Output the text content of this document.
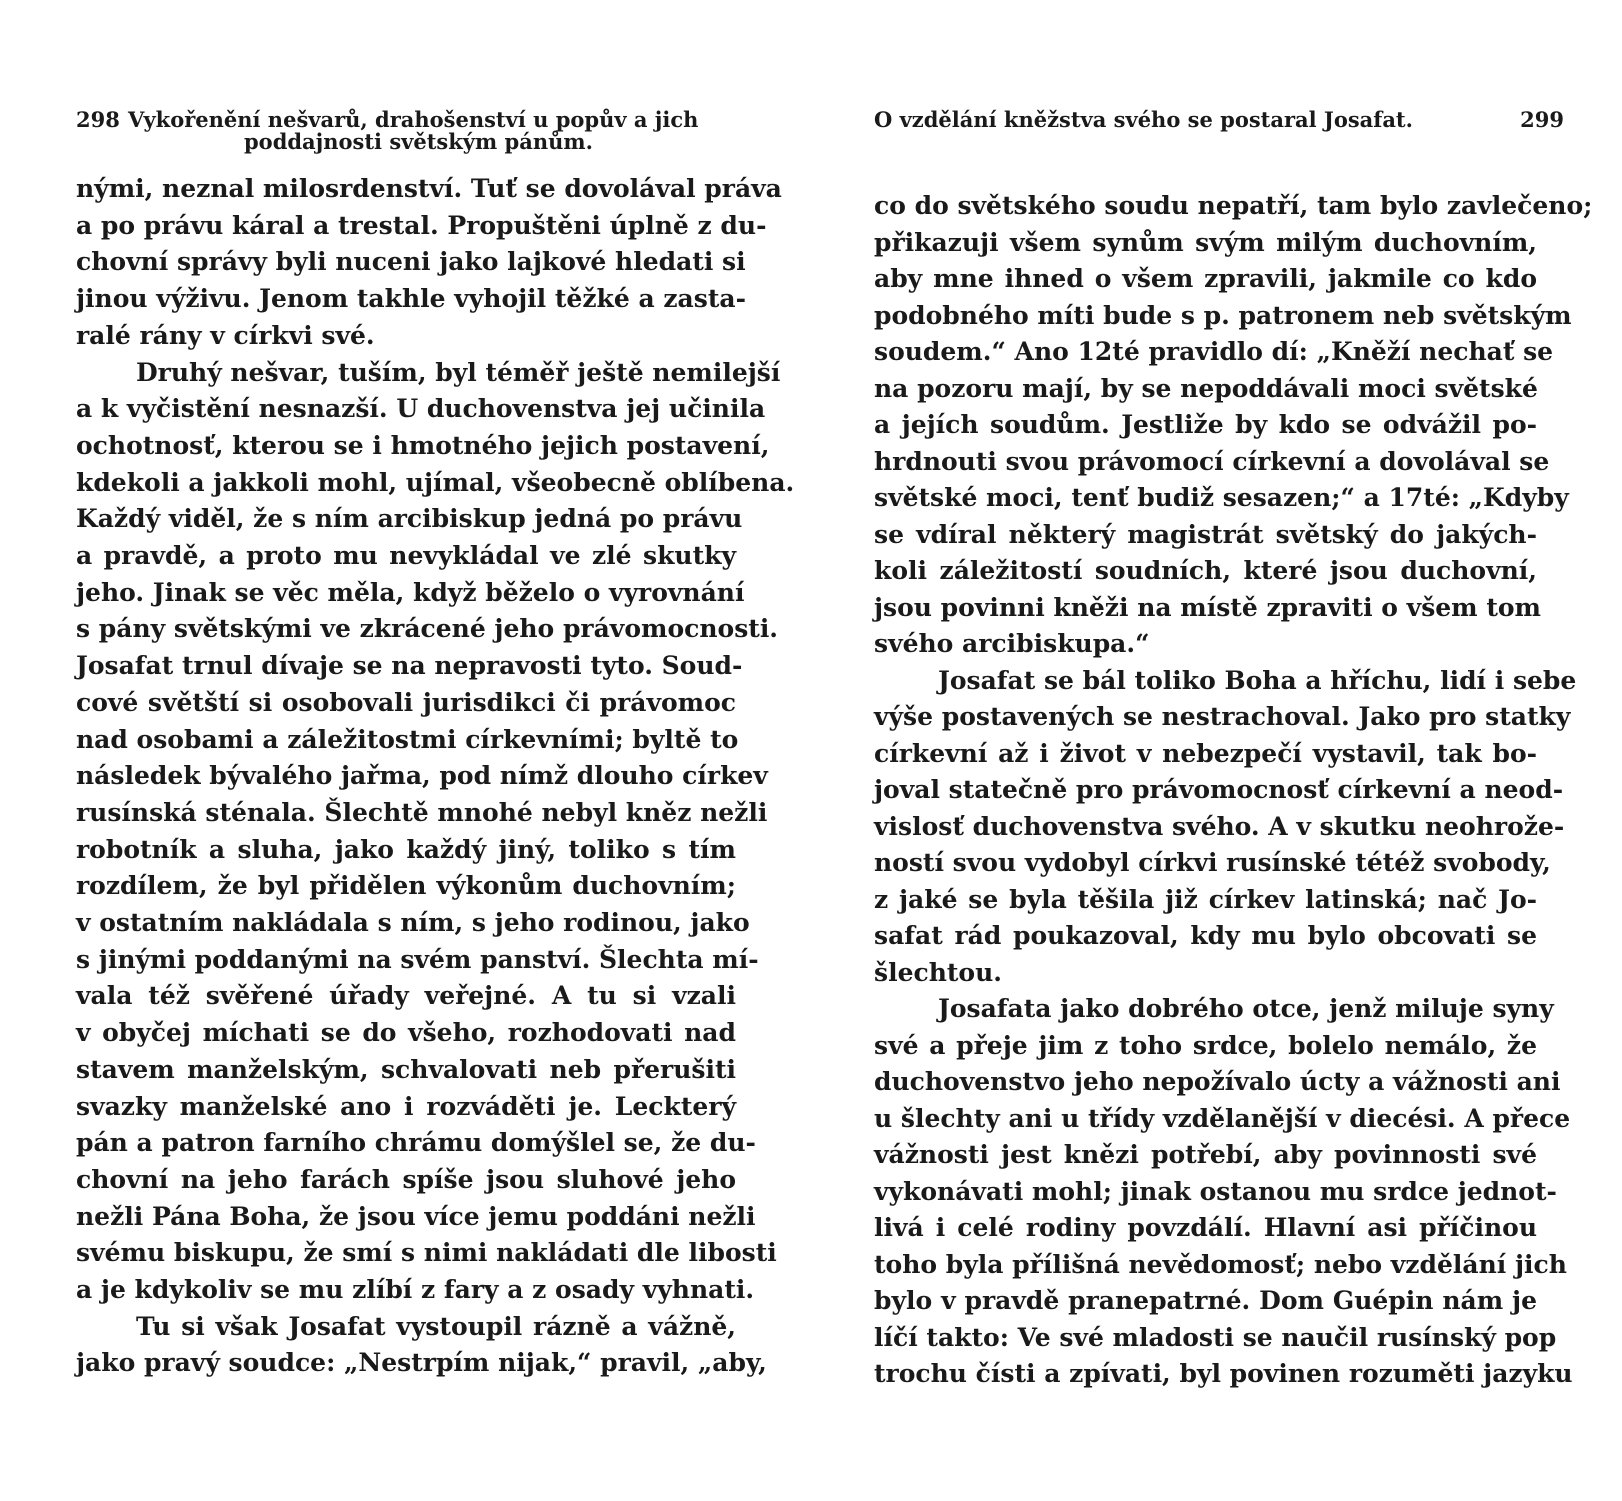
298 Vykořenění nešvarů, drahošenství u popův a jich
poddajnosti světským pánům.
nými, neznal milosrdenství. Tuť se dovolával práva
a po právu káral a trestal. Propuštěni úplně z du-
chovní správy byli nuceni jako lajkové hledati si
jinou výživu. Jenom takhle vyhojil těžké a zasta-
ralé rány v církvi své.
Druhý nešvar, tuším, byl téměř ještě nemilejší
a k vyčistění nesnazší. U duchovenstva jej učinila
ochotnosť, kterou se i hmotného jejich postavení,
kdekoli a jakkoli mohl, ujímal, všeobecně oblíbena.
Každý viděl, že s ním arcibiskup jedná po právu
a pravdě, a proto mu nevykládal ve zlé skutky
jeho. Jinak se věc měla, když běželo o vyrovnání
s pány světskými ve zkrácené jeho právomocnosti.
Josafat trnul dívaje se na nepravosti tyto. Soud-
cové světští si osobovali jurisdikci či právomoc
nad osobami a záležitostmi církevními; byltě to
následek bývalého jařma, pod nímž dlouho církev
rusínská sténala. Šlechtě mnohé nebyl kněz nežli
robotník a sluha, jako každý jiný, toliko s tím
rozdílem, že byl přidělen výkonům duchovním;
v ostatním nakládala s ním, s jeho rodinou, jako
s jinými poddanými na svém panství. Šlechta mí-
vala též svěřené úřady veřejné. A tu si vzali
v obyčej míchati se do všeho, rozhodovati nad
stavem manželským, schvalovati neb přerušiti
svazky manželské ano i rozváděti je. Leckterý
pán a patron farního chrámu domýšlel se, že du-
chovní na jeho farách spíše jsou sluhové jeho
nežli Pána Boha, že jsou více jemu poddáni nežli
svému biskupu, že smí s nimi nakládati dle libosti
a je kdykoliv se mu zlíbí z fary a z osady vyhnati.
Tu si však Josafat vystoupil rázně a vážně,
jako pravý soudce: „Nestrpím nijak,“ pravil, „aby,
O vzdělání kněžstva svého se postaral Josafat.	299
co do světského soudu nepatří, tam bylo zavlečeno;
přikazuji všem synům svým milým duchovním,
aby mne ihned o všem zpravili, jakmile co kdo
podobného míti bude s p. patronem neb světským
soudem.“ Ano 12té pravidlo dí: „Kněží nechať se
na pozoru mají, by se nepoddávali moci světské
a jejích soudům. Jestliže by kdo se odvážil po-
hrdnouti svou právomocí církevní a dovolával se
světské moci, tenť budiž sesazen;“ a 17té: „Kdyby
se vdíral některý magistrát světský do jakých-
koli záležitostí soudních, které jsou duchovní,
jsou povinni kněži na místě zpraviti o všem tom
svého arcibiskupa.“
Josafat se bál toliko Boha a hříchu, lidí i sebe
výše postavených se nestrachoval. Jako pro statky
církevní až i život v nebezpečí vystavil, tak bo-
joval statečně pro právomocnosť církevní a neod-
vislosť duchovenstva svého. A v skutku neohrože-
ností svou vydobyl církvi rusínské tétéž svobody,
z jaké se byla těšila již církev latinská; nač Jo-
safat rád poukazoval, kdy mu bylo obcovati se
šlechtou.
Josafata jako dobrého otce, jenž miluje syny
své a přeje jim z toho srdce, bolelo nemálo, že
duchovenstvo jeho nepožívalo úcty a vážnosti ani
u šlechty ani u třídy vzdělanější v diecési. A přece
vážnosti jest knězi potřebí, aby povinnosti své
vykonávati mohl; jinak ostanou mu srdce jednot-
livá i celé rodiny povzdálí. Hlavní asi příčinou
toho byla přílišná nevědomosť; nebo vzdělání jich
bylo v pravdě pranepatrné. Dom Guépin nám je
líčí takto: Ve své mladosti se naučil rusínský pop
trochu čísti a zpívati, byl povinen rozuměti jazyku
